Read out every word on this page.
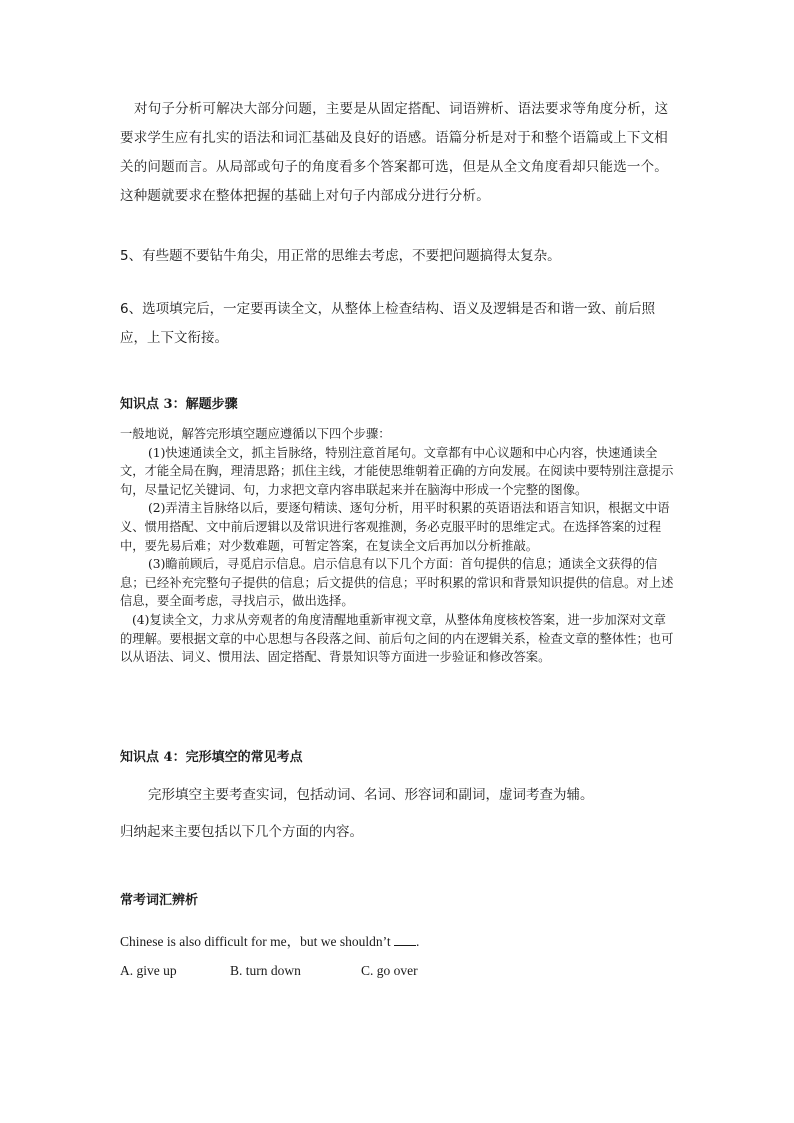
对句子分析可解决大部分问题，主要是从固定搭配、词语辨析、语法要求等角度分析，这要求学生应有扎实的语法和词汇基础及良好的语感。语篇分析是对于和整个语篇或上下文相关的问题而言。从局部或句子的角度看多个答案都可选，但是从全文角度看却只能选一个。这种题就要求在整体把握的基础上对句子内部成分进行分析。
5、有些题不要钻牛角尖，用正常的思维去考虑，不要把问题搞得太复杂。
6、选项填完后，一定要再读全文，从整体上检查结构、语义及逻辑是否和谐一致、前后照应，上下文衔接。
知识点 3：解题步骤

一般地说，解答完形填空题应遵循以下四个步骤：

(1)快速通读全文，抓主旨脉络，特别注意首尾句。文章都有中心议题和中心内容，快速通读全文，才能全局在胸，理清思路；抓住主线，才能使思维朝着正确的方向发展。在阅读中要特别注意提示句，尽量记忆关键词、句，力求把文章内容串联起来并在脑海中形成一个完整的图像。

(2)弄清主旨脉络以后，要逐句精读、逐句分析，用平时积累的英语语法和语言知识，根据文中语义、惯用搭配、文中前后逻辑以及常识进行客观推测，务必克服平时的思维定式。在选择答案的过程中，要先易后难；对少数难题，可暂定答案，在复读全文后再加以分析推敲。

(3)瞻前顾后，寻觅启示信息。启示信息有以下几个方面：首句提供的信息；通读全文获得的信息；已经补充完整句子提供的信息；后文提供的信息；平时积累的常识和背景知识提供的信息。对上述信息，要全面考虑，寻找启示，做出选择。

(4)复读全文，力求从旁观者的角度清醒地重新审视文章，从整体角度核校答案，进一步加深对文章的理解。要根据文章的中心思想与各段落之间、前后句之间的内在逻辑关系，检查文章的整体性；也可以从语法、词义、惯用法、固定搭配、背景知识等方面进一步验证和修改答案。

知识点 4：完形填空的常见考点
完形填空主要考查实词，包括动词、名词、形容词和副词，虚词考查为辅。
归纳起来主要包括以下几个方面的内容。
常考词汇辨析
Chinese is also difficult for me，but we shouldn’t .
A. give up	B. turn down	C. go over
